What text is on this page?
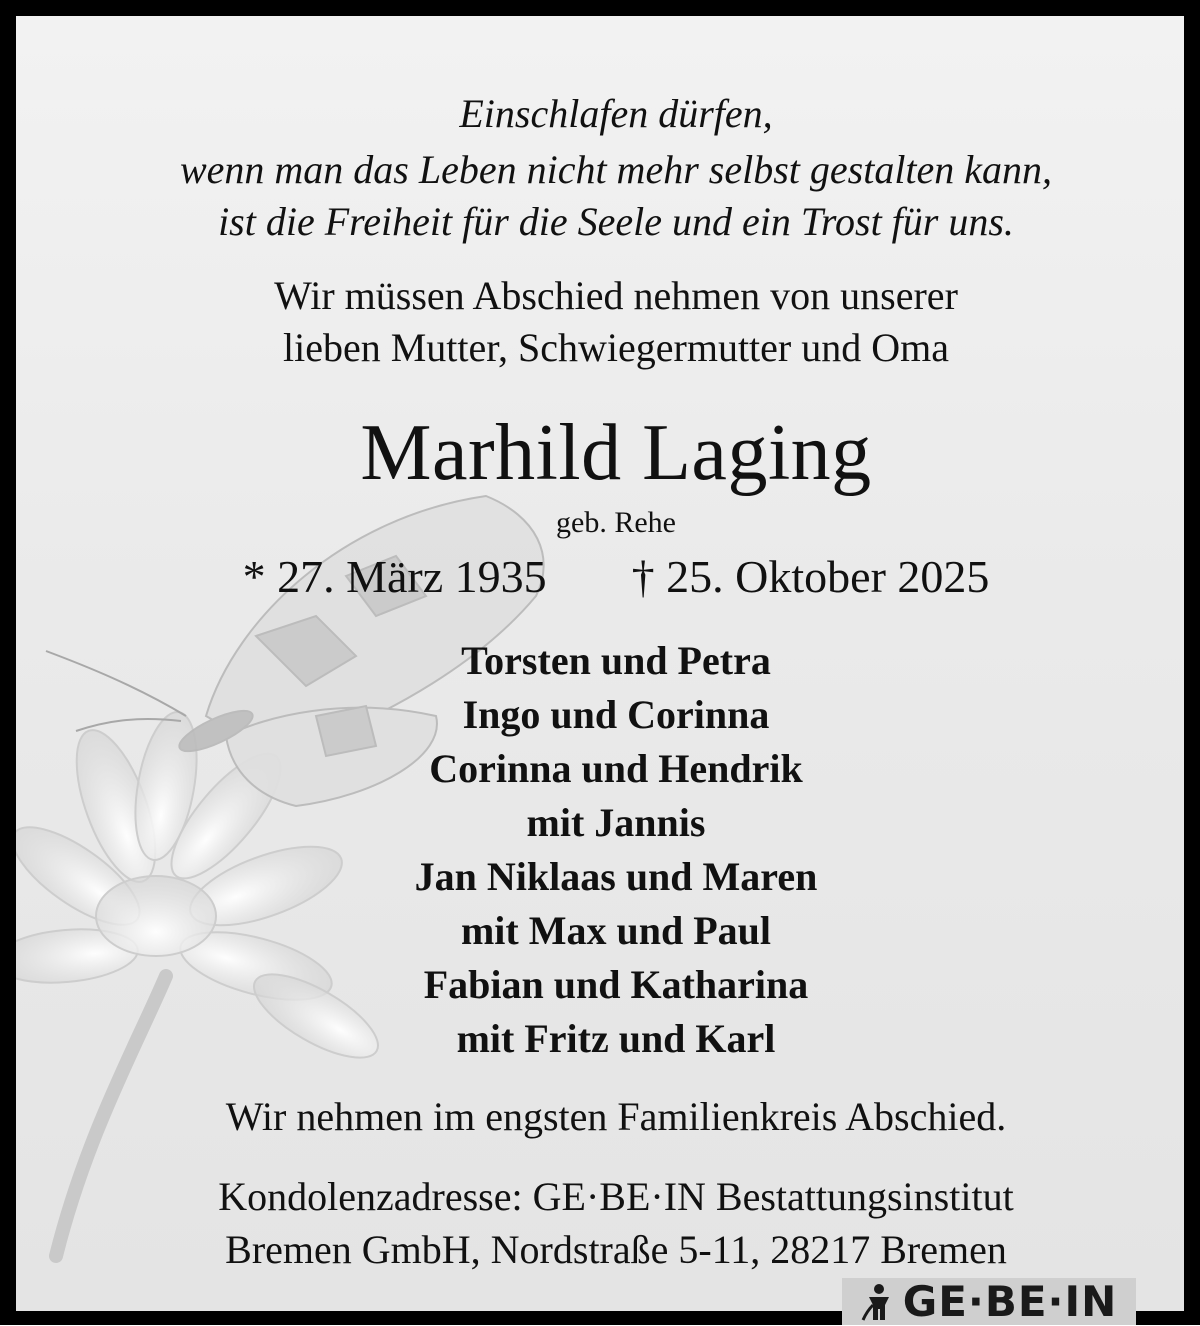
Einschlafen dürfen,
wenn man das Leben nicht mehr selbst gestalten kann,
ist die Freiheit für die Seele und ein Trost für uns.
Wir müssen Abschied nehmen von unserer
lieben Mutter, Schwiegermutter und Oma
Marhild Laging
geb. Rehe
* 27. März 1935 † 25. Oktober 2025
Torsten und Petra
Ingo und Corinna
Corinna und Hendrik
mit Jannis
Jan Niklaas und Maren
mit Max und Paul
Fabian und Katharina
mit Fritz und Karl
Wir nehmen im engsten Familienkreis Abschied.
Kondolenzadresse: GE·BE·IN Bestattungsinstitut
Bremen GmbH, Nordstraße 5-11, 28217 Bremen
GE·BE·IN
